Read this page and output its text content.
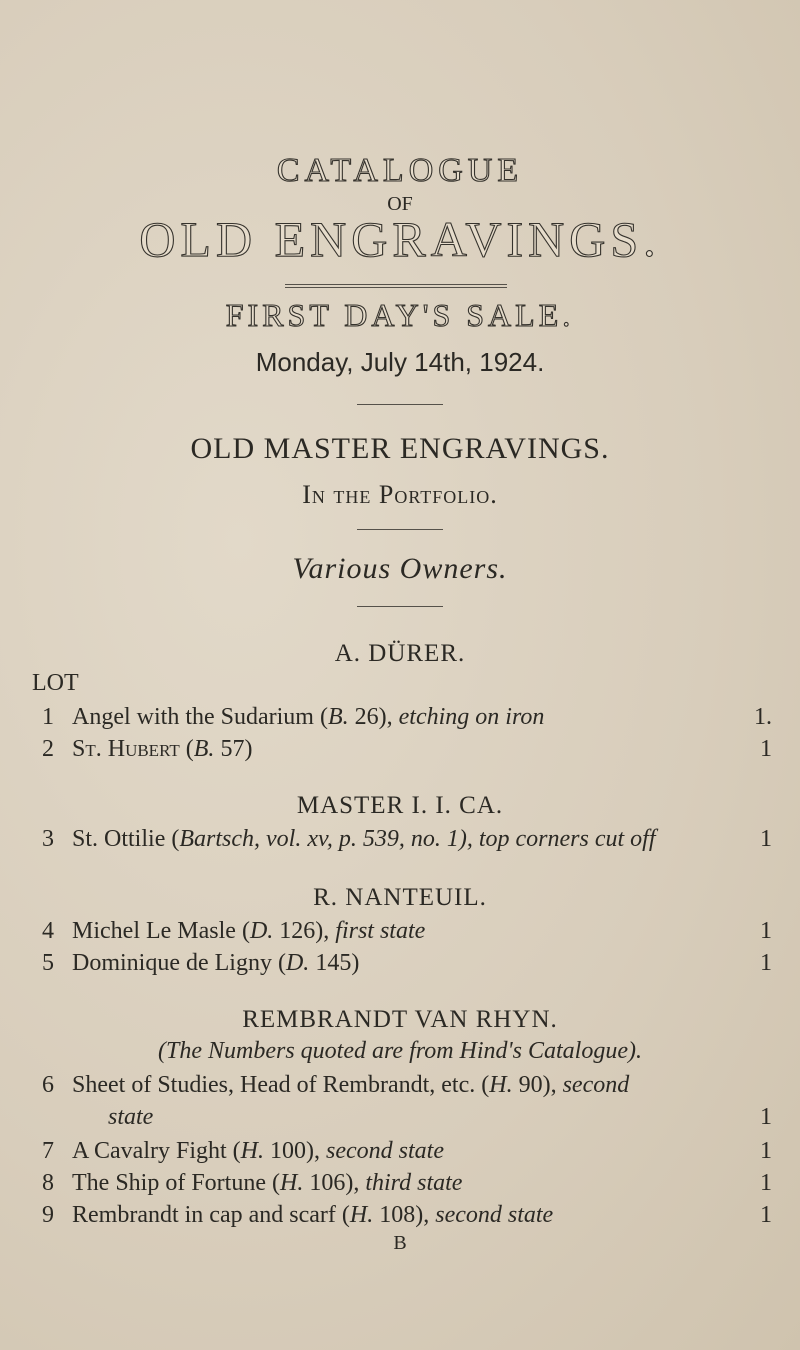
CATALOGUE
OF
OLD ENGRAVINGS.
FIRST DAY'S SALE.
Monday, July 14th, 1924.
OLD MASTER ENGRAVINGS.
In the Portfolio.
Various Owners.
LOT
A. DÜRER.
1 Angel with the Sudarium (B. 26), etching on iron	1.
2 St. Hubert (B. 57)	1
MASTER I. I. CA.
3 St. Ottilie (Bartsch, vol. xv, p. 539, no. 1), top corners cut off	1
R. NANTEUIL.
4 Michel Le Masle (D. 126), first state	1
5 Dominique de Ligny (D. 145)	1
REMBRANDT VAN RHYN.
(The Numbers quoted are from Hind's Catalogue).
6 Sheet of Studies, Head of Rembrandt, etc. (H. 90), second
state	1
7 A Cavalry Fight (H. 100), second state	1
8 The Ship of Fortune (H. 106), third state	1
9 Rembrandt in cap and scarf (H. 108), second state	1
B
